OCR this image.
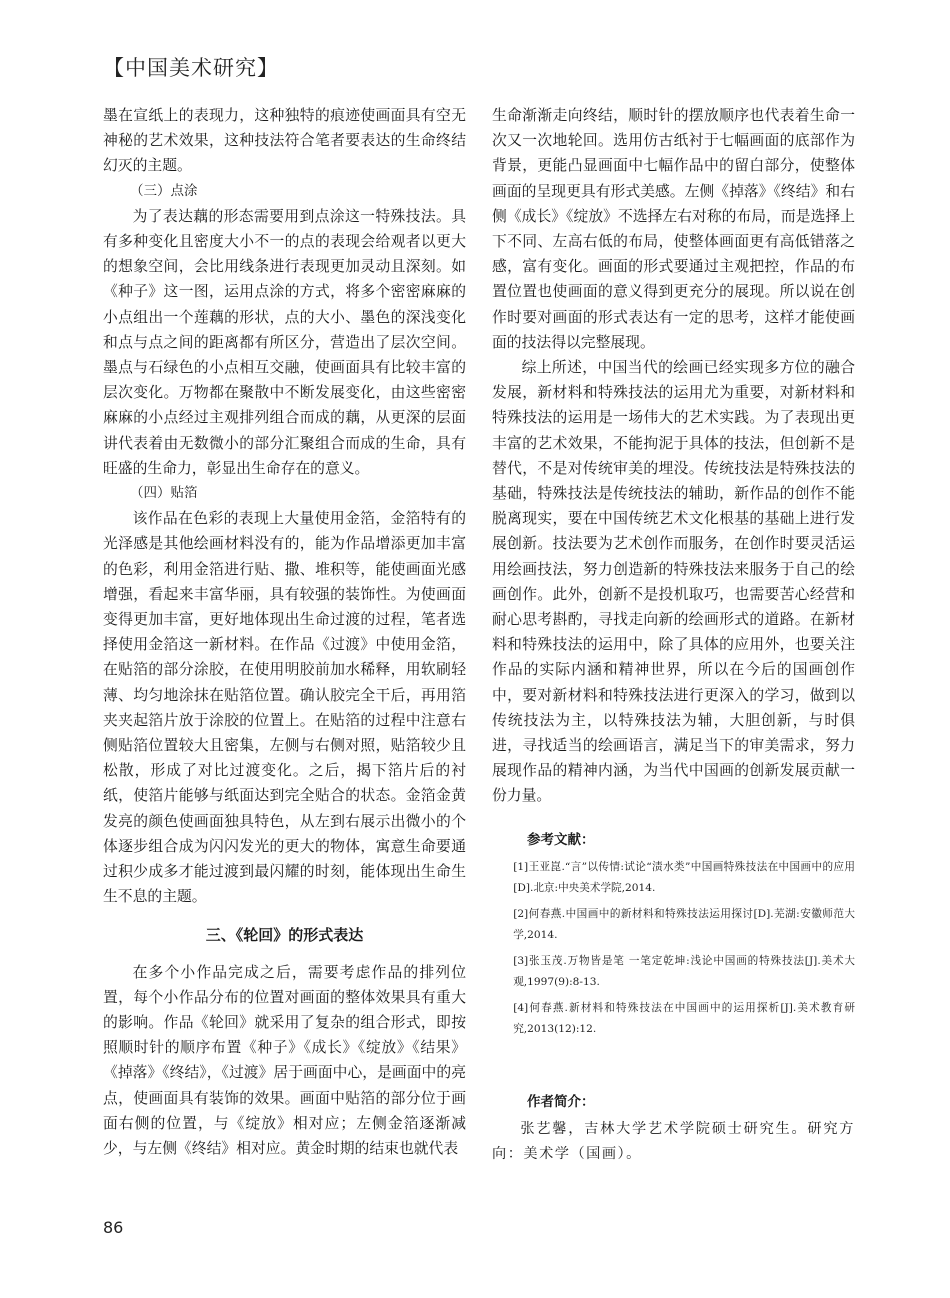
【中国美术研究】

墨在宣纸上的表现力，这种独特的痕迹使画面具有空无神秘的艺术效果，这种技法符合笔者要表达的生命终结幻灭的主题。

（三）点涂

为了表达藕的形态需要用到点涂这一特殊技法。具有多种变化且密度大小不一的点的表现会给观者以更大的想象空间，会比用线条进行表现更加灵动且深刻。如《种子》这一图，运用点涂的方式，将多个密密麻麻的小点组出一个莲藕的形状，点的大小、墨色的深浅变化和点与点之间的距离都有所区分，营造出了层次空间。墨点与石绿色的小点相互交融，使画面具有比较丰富的层次变化。万物都在聚散中不断发展变化，由这些密密麻麻的小点经过主观排列组合而成的藕，从更深的层面讲代表着由无数微小的部分汇聚组合而成的生命，具有旺盛的生命力，彰显出生命存在的意义。

（四）贴箔

该作品在色彩的表现上大量使用金箔，金箔特有的光泽感是其他绘画材料没有的，能为作品增添更加丰富的色彩，利用金箔进行贴、撒、堆积等，能使画面光感增强，看起来丰富华丽，具有较强的装饰性。为使画面变得更加丰富，更好地体现出生命过渡的过程，笔者选择使用金箔这一新材料。在作品《过渡》中使用金箔，在贴箔的部分涂胶，在使用明胶前加水稀释，用软刷轻薄、均匀地涂抹在贴箔位置。确认胶完全干后，再用箔夹夹起箔片放于涂胶的位置上。在贴箔的过程中注意右侧贴箔位置较大且密集，左侧与右侧对照，贴箔较少且松散，形成了对比过渡变化。之后，揭下箔片后的衬纸，使箔片能够与纸面达到完全贴合的状态。金箔金黄发亮的颜色使画面独具特色，从左到右展示出微小的个体逐步组合成为闪闪发光的更大的物体，寓意生命要通过积少成多才能过渡到最闪耀的时刻，能体现出生命生生不息的主题。

三、《轮回》的形式表达

在多个小作品完成之后，需要考虑作品的排列位置，每个小作品分布的位置对画面的整体效果具有重大的影响。作品《轮回》就采用了复杂的组合形式，即按照顺时针的顺序布置《种子》《成长》《绽放》《结果》《掉落》《终结》，《过渡》居于画面中心，是画面中的亮点，使画面具有装饰的效果。画面中贴箔的部分位于画面右侧的位置，与《绽放》相对应；左侧金箔逐渐减少，与左侧《终结》相对应。黄金时期的结束也就代表

生命渐渐走向终结，顺时针的摆放顺序也代表着生命一次又一次地轮回。选用仿古纸衬于七幅画面的底部作为背景，更能凸显画面中七幅作品中的留白部分，使整体画面的呈现更具有形式美感。左侧《掉落》《终结》和右侧《成长》《绽放》不选择左右对称的布局，而是选择上下不同、左高右低的布局，使整体画面更有高低错落之感，富有变化。画面的形式要通过主观把控，作品的布置位置也使画面的意义得到更充分的展现。所以说在创作时要对画面的形式表达有一定的思考，这样才能使画面的技法得以完整展现。

综上所述，中国当代的绘画已经实现多方位的融合发展，新材料和特殊技法的运用尤为重要，对新材料和特殊技法的运用是一场伟大的艺术实践。为了表现出更丰富的艺术效果，不能拘泥于具体的技法，但创新不是替代，不是对传统审美的埋没。传统技法是特殊技法的基础，特殊技法是传统技法的辅助，新作品的创作不能脱离现实，要在中国传统艺术文化根基的基础上进行发展创新。技法要为艺术创作而服务，在创作时要灵活运用绘画技法，努力创造新的特殊技法来服务于自己的绘画创作。此外，创新不是投机取巧，也需要苦心经营和耐心思考斟酌，寻找走向新的绘画形式的道路。在新材料和特殊技法的运用中，除了具体的应用外，也要关注作品的实际内涵和精神世界，所以在今后的国画创作中，要对新材料和特殊技法进行更深入的学习，做到以传统技法为主，以特殊技法为辅，大胆创新，与时俱进，寻找适当的绘画语言，满足当下的审美需求，努力展现作品的精神内涵，为当代中国画的创新发展贡献一份力量。

参考文献：
[1]王亚崑.“言”以传情:试论“渍水类”中国画特殊技法在中国画中的应用[D].北京:中央美术学院,2014.
[2]何春燕.中国画中的新材料和特殊技法运用探讨[D].芜湖:安徽师范大学,2014.
[3]张玉茂.万物皆是笔 一笔定乾坤:浅论中国画的特殊技法[J].美术大观,1997(9):8-13.
[4]何春燕.新材料和特殊技法在中国画中的运用探析[J].美术教育研究,2013(12):12.
作者简介：
张艺馨，吉林大学艺术学院硕士研究生。研究方向：美术学（国画）。
86
